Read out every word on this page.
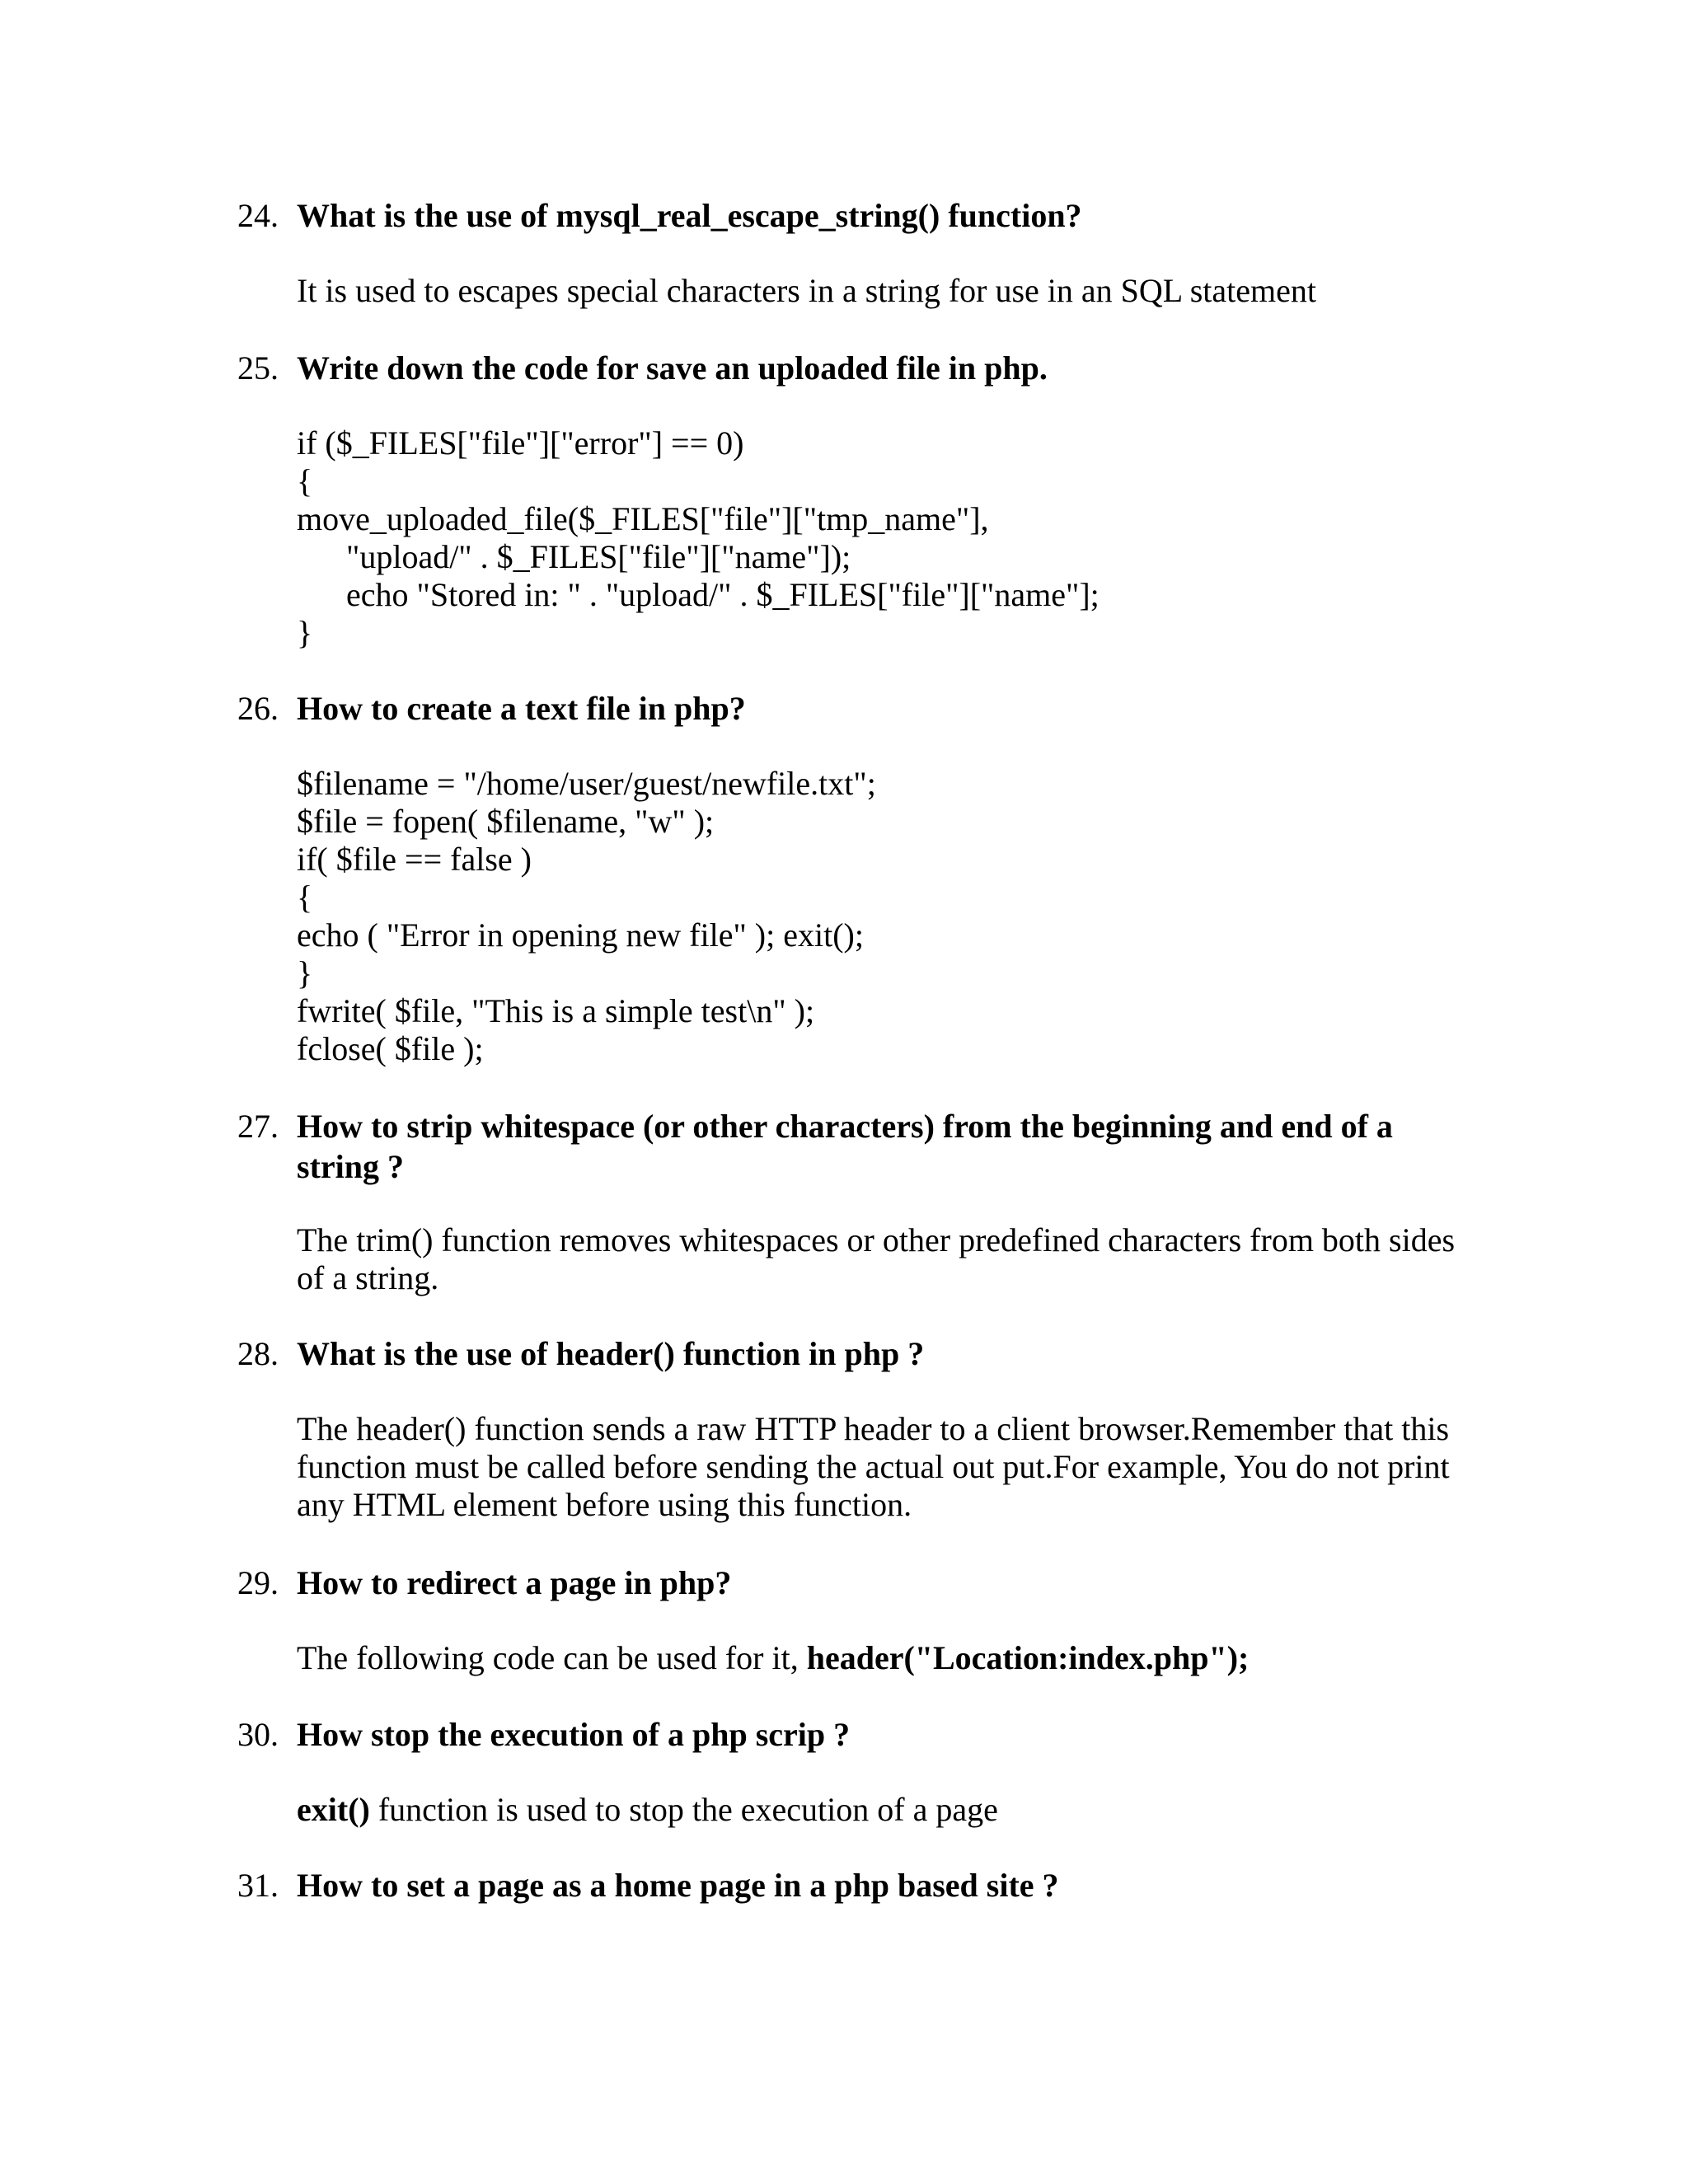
24. What is the use of mysql_real_escape_string() function?

It is used to escapes special characters in a string for use in an SQL statement

25. Write down the code for save an uploaded file in php.

if ($_FILES["file"]["error"] == 0)
{
move_uploaded_file($_FILES["file"]["tmp_name"],
"upload/" . $_FILES["file"]["name"]);
echo "Stored in: " . "upload/" . $_FILES["file"]["name"];
}

26. How to create a text file in php?

$filename = "/home/user/guest/newfile.txt";
$file = fopen( $filename, "w" );
if( $file == false )
{
echo ( "Error in opening new file" ); exit();
}
fwrite( $file, "This is a simple test\n" );
fclose( $file );

27. How to strip whitespace (or other characters) from the beginning and end of a
string ?

The trim() function removes whitespaces or other predefined characters from both sides
of a string.

28. What is the use of header() function in php ?

The header() function sends a raw HTTP header to a client browser.Remember that this
function must be called before sending the actual out put.For example, You do not print
any HTML element before using this function.

29. How to redirect a page in php?

The following code can be used for it, header("Location:index.php");

30. How stop the execution of a php scrip ?

exit() function is used to stop the execution of a page

31. How to set a page as a home page in a php based site ?
